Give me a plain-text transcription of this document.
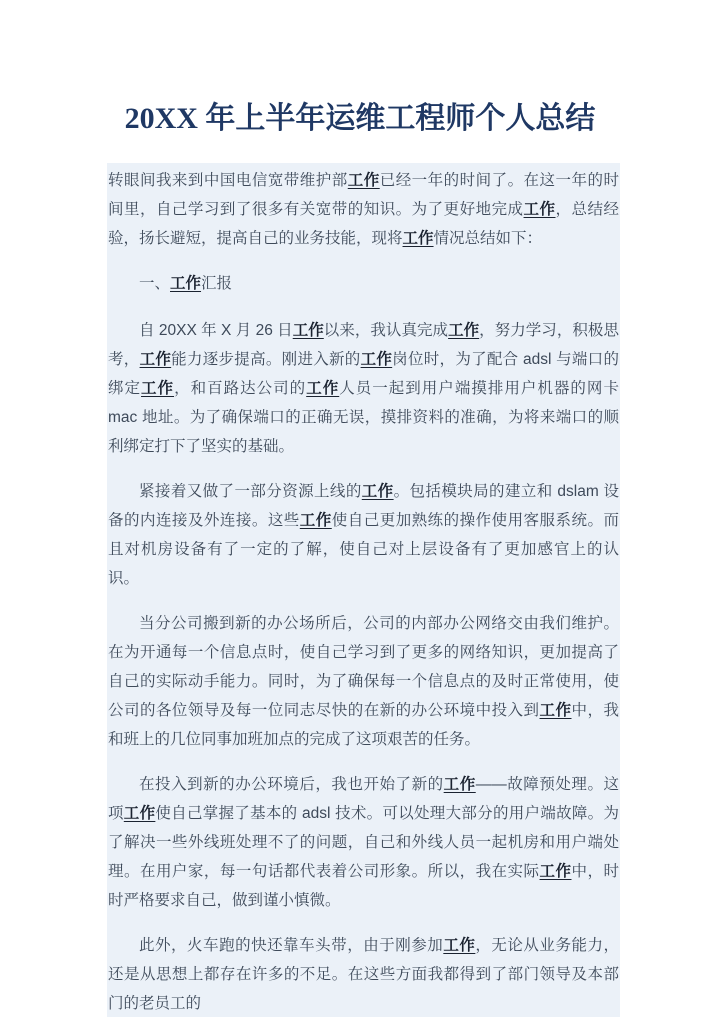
20XX 年上半年运维工程师个人总结

转眼间我来到中国电信宽带维护部工作已经一年的时间了。在这一年的时间里，自己学习到了很多有关宽带的知识。为了更好地完成工作，总结经验，扬长避短，提高自己的业务技能，现将工作情况总结如下：

一、工作汇报

自 20XX 年 X 月 26 日工作以来，我认真完成工作，努力学习，积极思考，工作能力逐步提高。刚进入新的工作岗位时，为了配合 adsl 与端口的绑定工作，和百路达公司的工作人员一起到用户端摸排用户机器的网卡 mac 地址。为了确保端口的正确无误，摸排资料的准确，为将来端口的顺利绑定打下了坚实的基础。

紧接着又做了一部分资源上线的工作。包括模块局的建立和 dslam 设备的内连接及外连接。这些工作使自己更加熟练的操作使用客服系统。而且对机房设备有了一定的了解，使自己对上层设备有了更加感官上的认识。

当分公司搬到新的办公场所后，公司的内部办公网络交由我们维护。在为开通每一个信息点时，使自己学习到了更多的网络知识，更加提高了自己的实际动手能力。同时，为了确保每一个信息点的及时正常使用，使公司的各位领导及每一位同志尽快的在新的办公环境中投入到工作中，我和班上的几位同事加班加点的完成了这项艰苦的任务。

在投入到新的办公环境后，我也开始了新的工作——故障预处理。这项工作使自己掌握了基本的 adsl 技术。可以处理大部分的用户端故障。为了解决一些外线班处理不了的问题，自己和外线人员一起机房和用户端处理。在用户家，每一句话都代表着公司形象。所以，我在实际工作中，时时严格要求自己，做到谨小慎微。

此外，火车跑的快还靠车头带，由于刚参加工作，无论从业务能力，还是从思想上都存在许多的不足。在这些方面我都得到了部门领导及本部门的老员工的
